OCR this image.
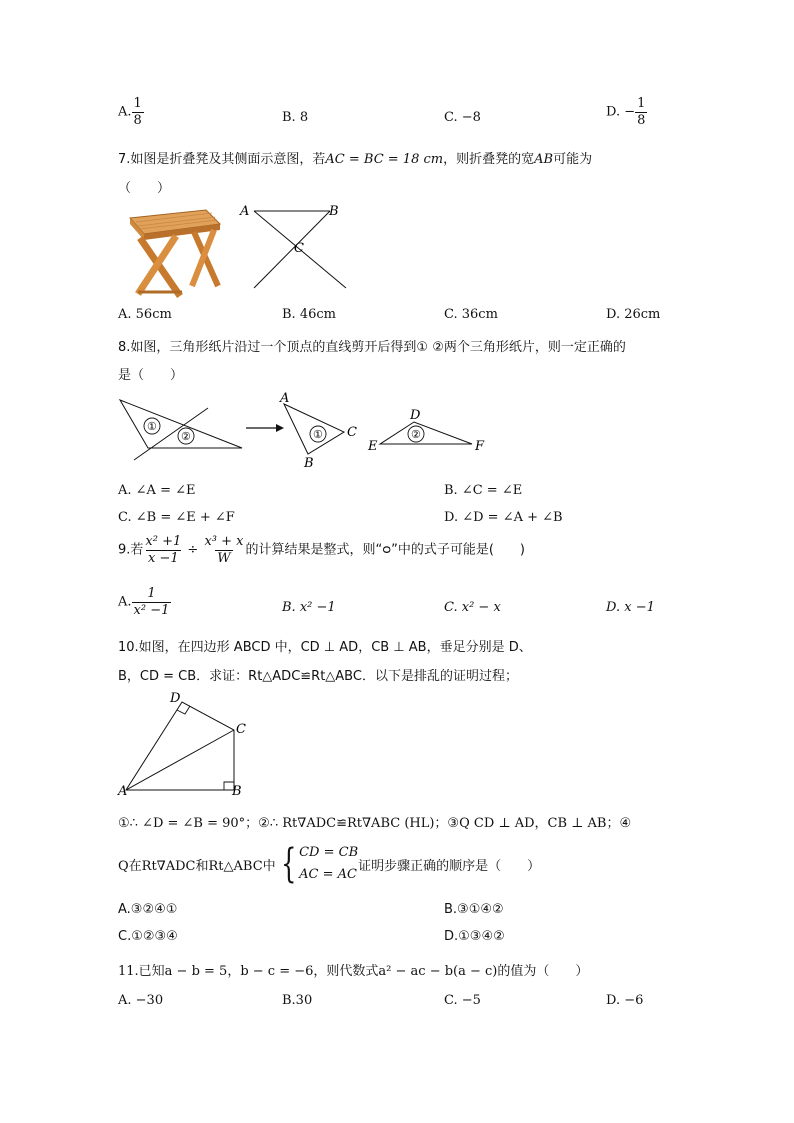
A. $\frac{1}{8}$	B. 8	C. −8	D. − $\frac{1}{8}$
7.如图是折叠凳及其侧面示意图，若AC = BC = 18 cm，则折叠凳的宽AB可能为
（　　）
A	B
C
A. 56cm	B. 46cm	C. 36cm	D. 26cm
8.如图，三角形纸片沿过一个顶点的直线剪开后得到① ②两个三角形纸片，则一定正确的
是（　　）
①
②	①
A
C
B
②
D
E	F
A. ∠A = ∠E	B. ∠C = ∠E
C. ∠B = ∠E + ∠F	D. ∠D = ∠A + ∠B
9.若 $\frac{\text{x² +1}}{x -1} \div \frac{\text{x³ + x}}{W}$ 的计算结果是整式，则“ᴑ”中的式子可能是(　　)
A. $\frac{1}{\text{x² −1}}$	B. x² −1	C. x² − x	D. x −1
10.如图，在四边形 ABCD 中，CD ⊥ AD，CB ⊥ AB，垂足分别是 D、
B，CD = CB．求证：Rt△ADC≌Rt△ABC．以下是排乱的证明过程；
D
C
A	B
①∴ ∠D = ∠B = 90°；②∴ Rt∇ADC≌Rt∇ABC (HL)；③Q CD ⊥ AD，CB ⊥ AB；④
Q在Rt∇ADC和Rt△ABC中 { CD = CB
AC = AC
证明步骤正确的顺序是（　　）
A.③②④①	B.③①④②
C.①②③④	D.①③④②
11.已知a − b = 5，b − c = −6，则代数式a² − ac − b(a − c)的值为（　　）
A. −30	B.30	C. −5	D. −6
